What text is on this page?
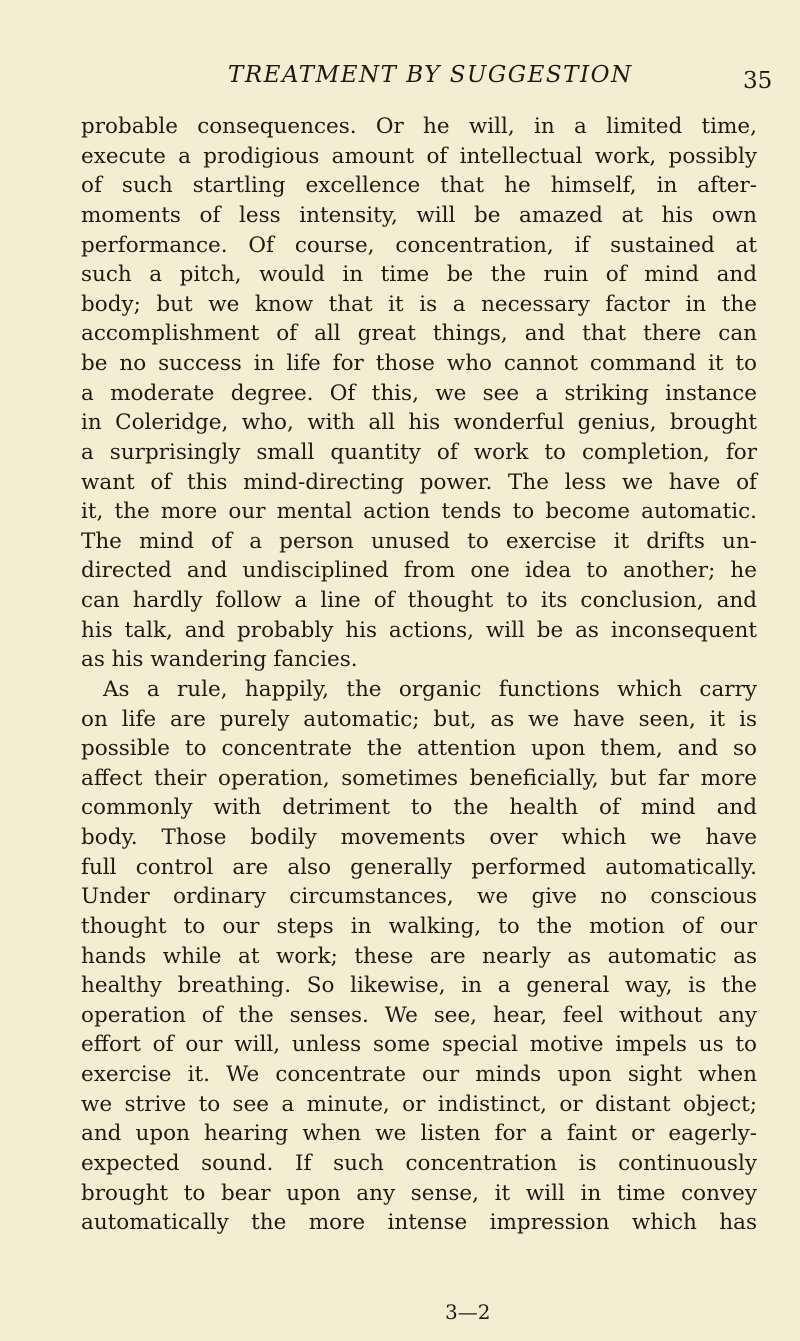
TREATMENT BY SUGGESTION	35
probable consequences. Or he will, in a limited time,
execute a prodigious amount of intellectual work, possibly
of such startling excellence that he himself, in after-
moments of less intensity, will be amazed at his own
performance. Of course, concentration, if sustained at
such a pitch, would in time be the ruin of mind and
body; but we know that it is a necessary factor in the
accomplishment of all great things, and that there can
be no success in life for those who cannot command it to
a moderate degree. Of this, we see a striking instance
in Coleridge, who, with all his wonderful genius, brought
a surprisingly small quantity of work to completion, for
want of this mind-directing power. The less we have of
it, the more our mental action tends to become automatic.
The mind of a person unused to exercise it drifts un-
directed and undisciplined from one idea to another; he
can hardly follow a line of thought to its conclusion, and
his talk, and probably his actions, will be as inconsequent
as his wandering fancies.
As a rule, happily, the organic functions which carry
on life are purely automatic; but, as we have seen, it is
possible to concentrate the attention upon them, and so
affect their operation, sometimes beneficially, but far more
commonly with detriment to the health of mind and
body. Those bodily movements over which we have
full control are also generally performed automatically.
Under ordinary circumstances, we give no conscious
thought to our steps in walking, to the motion of our
hands while at work; these are nearly as automatic as
healthy breathing. So likewise, in a general way, is the
operation of the senses. We see, hear, feel without any
effort of our will, unless some special motive impels us to
exercise it. We concentrate our minds upon sight when
we strive to see a minute, or indistinct, or distant object;
and upon hearing when we listen for a faint or eagerly-
expected sound. If such concentration is continuously
brought to bear upon any sense, it will in time convey
automatically the more intense impression which has
3—2
